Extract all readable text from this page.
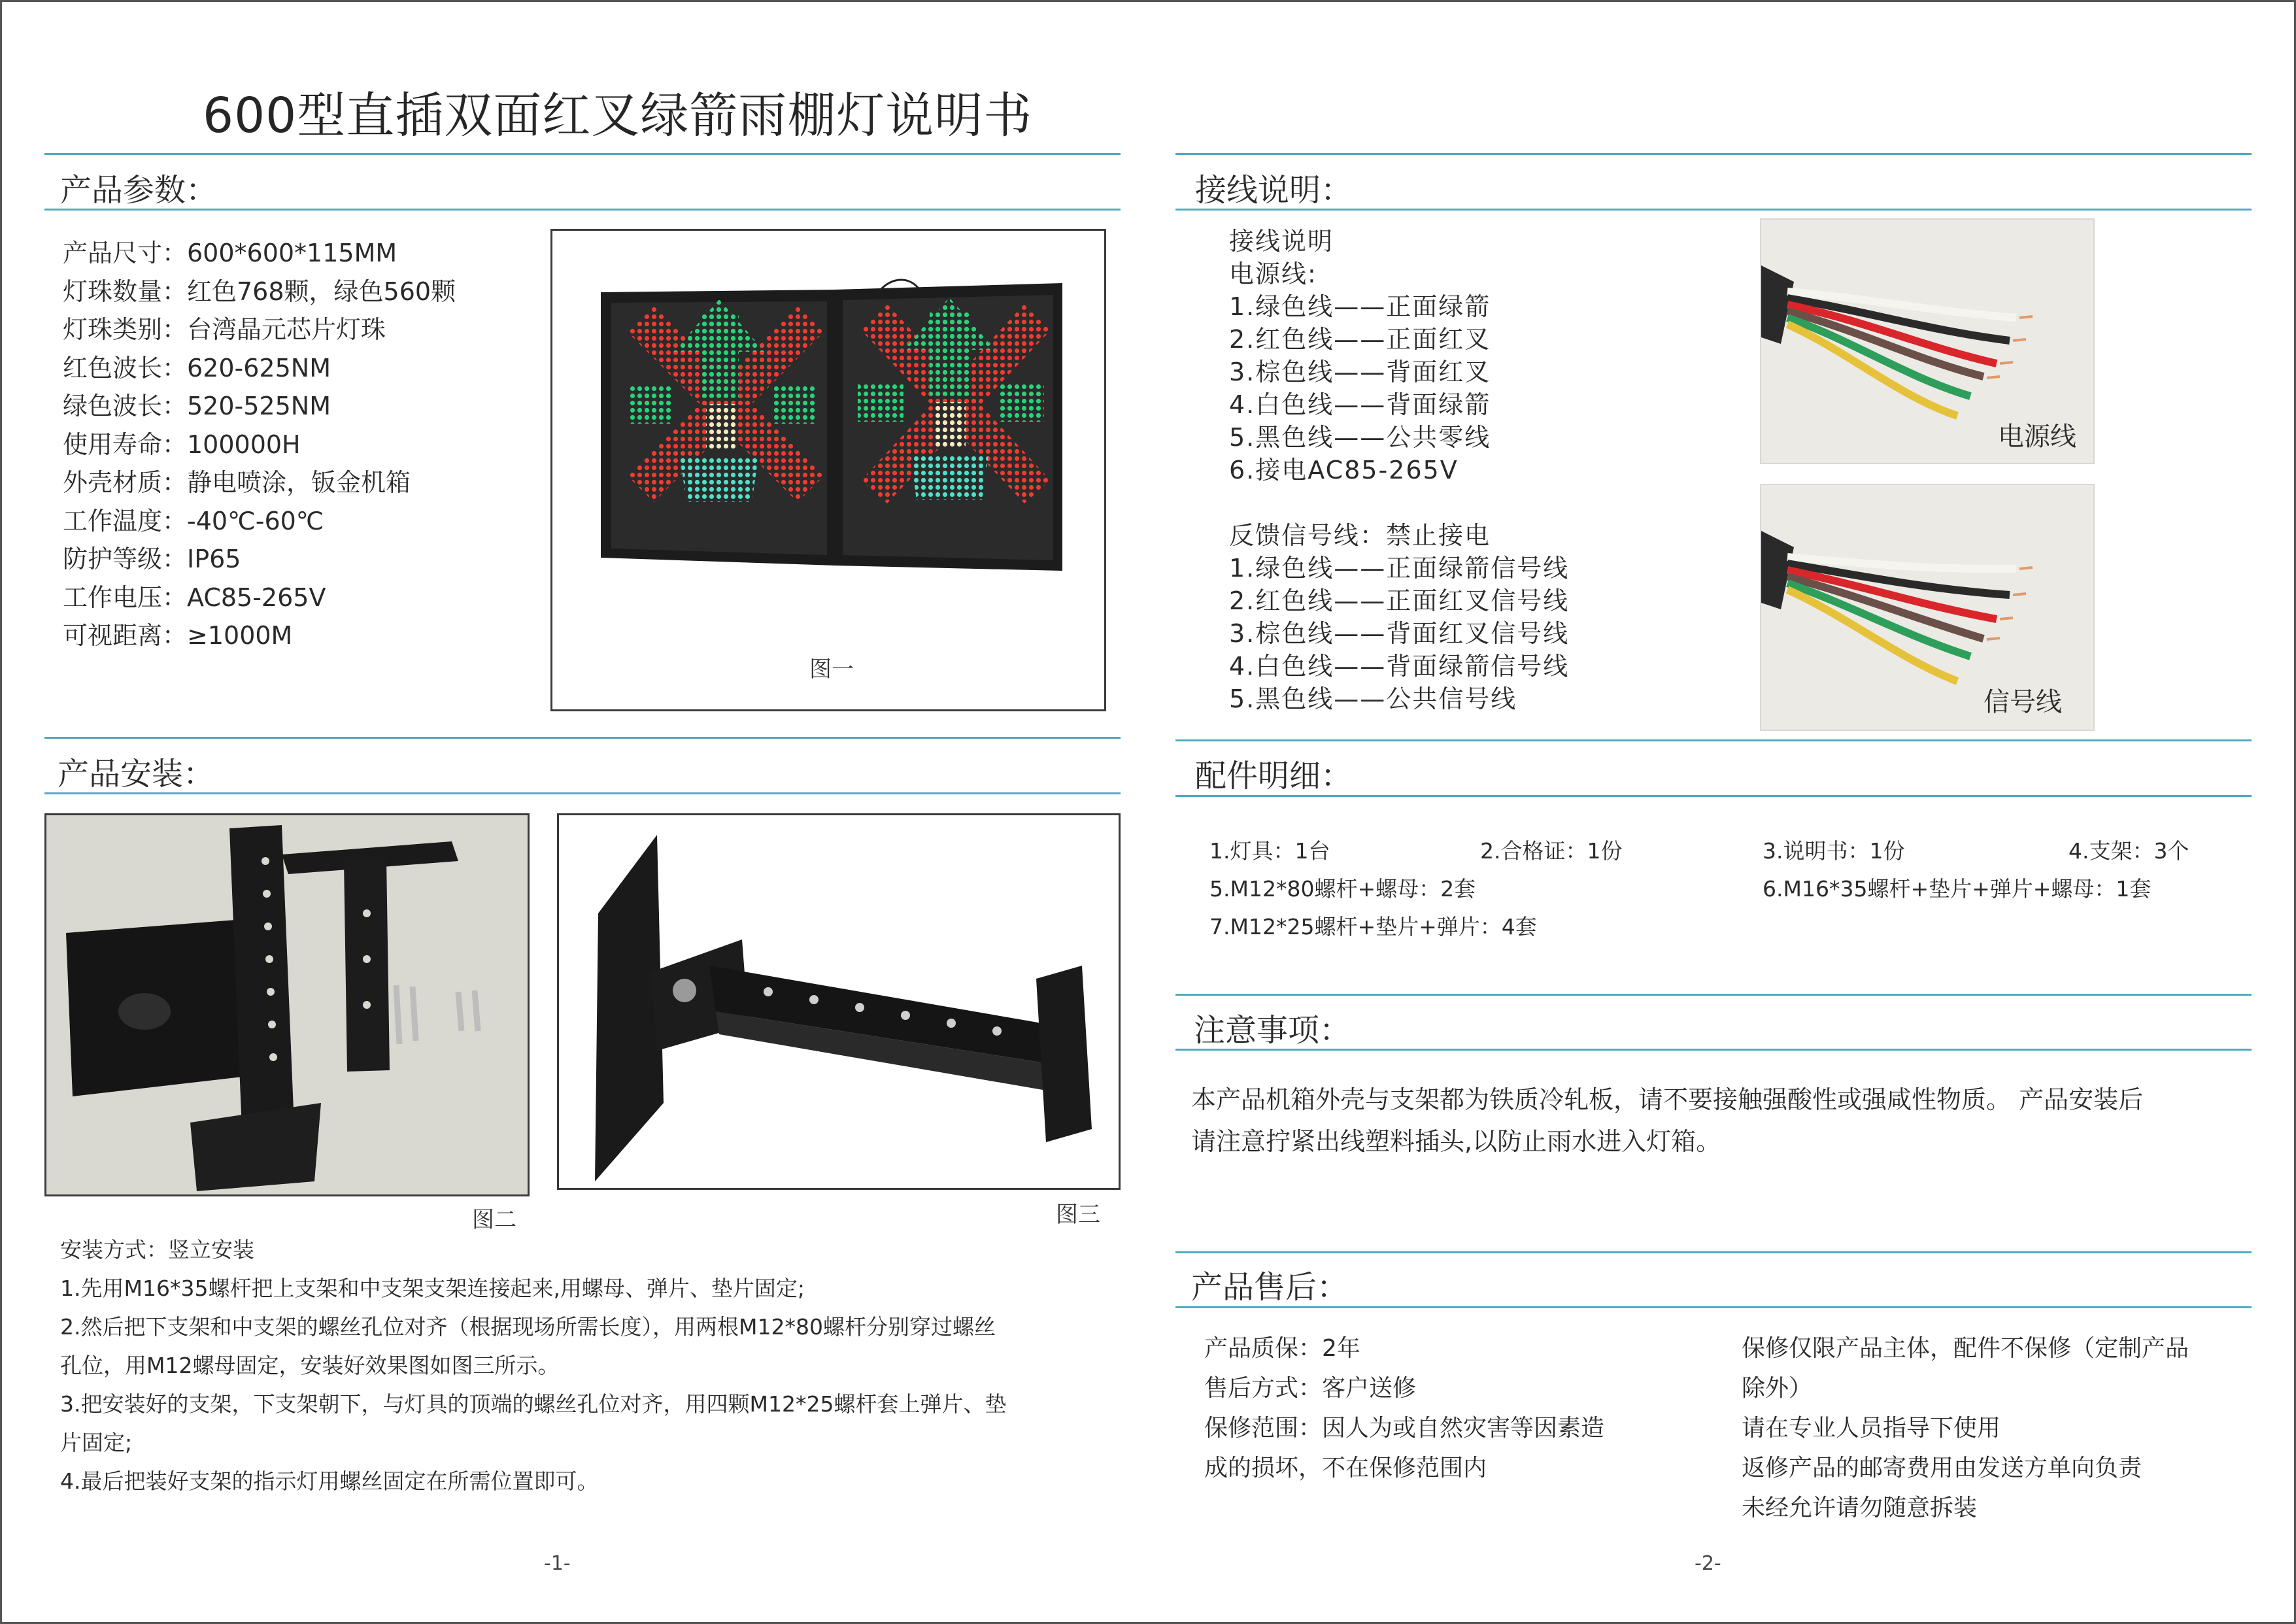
600型直插双面红叉绿箭雨棚灯说明书
产品参数：
产品尺寸：600*600*115MM
灯珠数量：红色768颗，绿色560颗
灯珠类别：台湾晶元芯片灯珠
红色波长：620-625NM
绿色波长：520-525NM
使用寿命：100000H
外壳材质：静电喷涂，钣金机箱
工作温度：-40℃-60℃
防护等级：IP65
工作电压：AC85-265V
可视距离：≥1000M
图一
产品安装：
图二	图三
安装方式：竖立安装
1.先用M16*35螺杆把上支架和中支架支架连接起来,用螺母、弹片、垫片固定;
2.然后把下支架和中支架的螺丝孔位对齐（根据现场所需长度），用两根M12*80螺杆分别穿过螺丝
孔位，用M12螺母固定，安装好效果图如图三所示。
3.把安装好的支架，下支架朝下，与灯具的顶端的螺丝孔位对齐，用四颗M12*25螺杆套上弹片、垫
片固定;
4.最后把装好支架的指示灯用螺丝固定在所需位置即可。
-1-
接线说明：
接线说明
电源线:
1.绿色线——正面绿箭
2.红色线——正面红叉
3.棕色线——背面红叉
4.白色线——背面绿箭
5.黑色线——公共零线
6.接电AC85-265V
反馈信号线：禁止接电
1.绿色线——正面绿箭信号线
2.红色线——正面红叉信号线
3.棕色线——背面红叉信号线
4.白色线——背面绿箭信号线
5.黑色线——公共信号线
电源线
信号线
配件明细：
1.灯具：1台	2.合格证：1份	3.说明书：1份	4.支架：3个
5.M12*80螺杆+螺母：2套	6.M16*35螺杆+垫片+弹片+螺母：1套
7.M12*25螺杆+垫片+弹片：4套
注意事项：
本产品机箱外壳与支架都为铁质冷轧板，请不要接触强酸性或强咸性物质。 产品安装后
请注意拧紧出线塑料插头,以防止雨水进入灯箱。
产品售后：
产品质保：2年
售后方式：客户送修
保修范围：因人为或自然灾害等因素造
成的损坏，不在保修范围内
保修仅限产品主体，配件不保修（定制产品
除外）
请在专业人员指导下使用
返修产品的邮寄费用由发送方单向负责
未经允许请勿随意拆装
-2-
